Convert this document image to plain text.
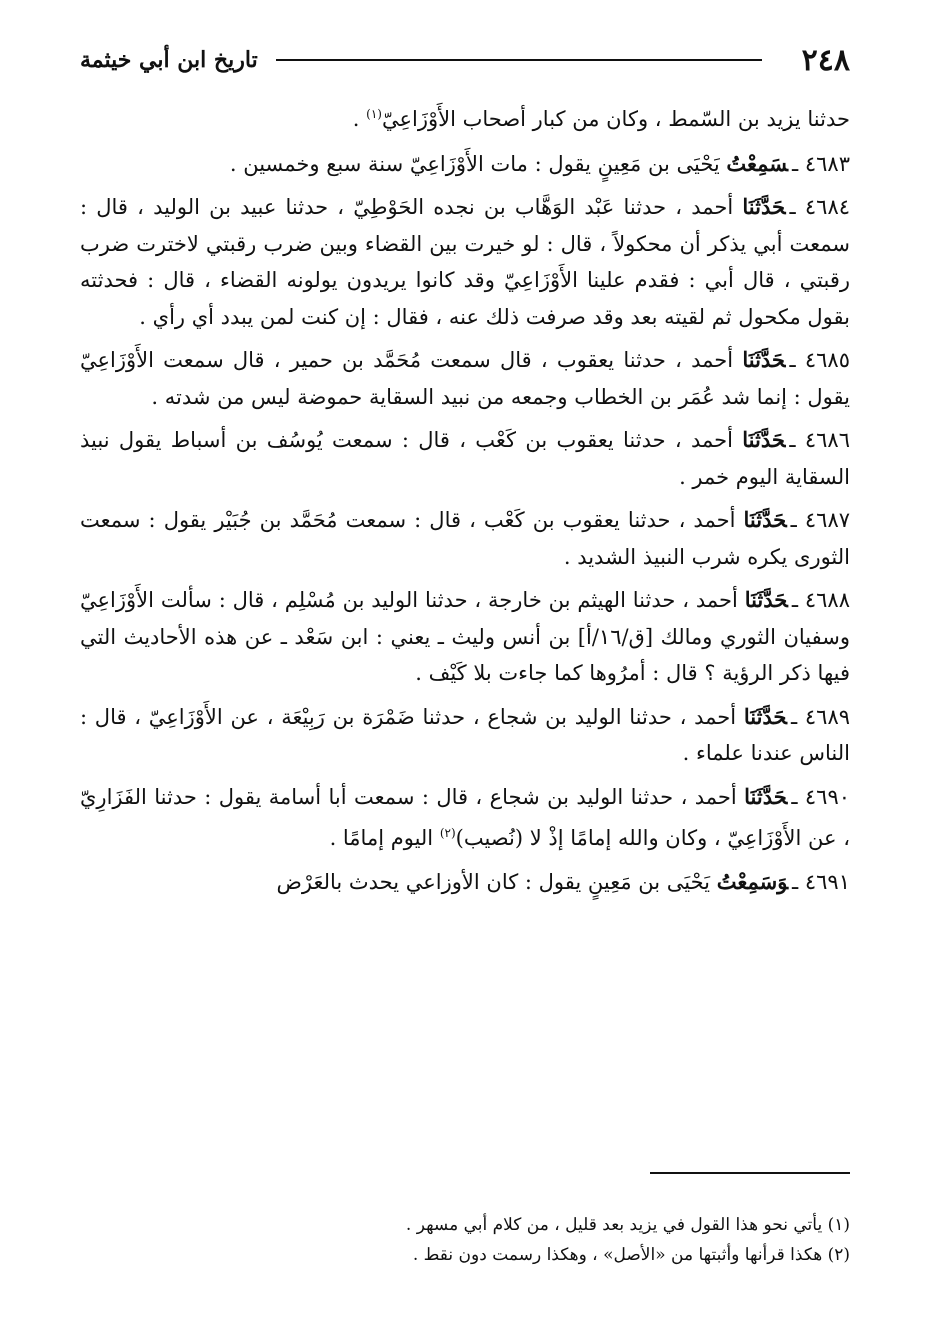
٢٤٨
تاريخ ابن أبي خيثمة

حدثنا يزيد بن السّمط ، وكان من كبار أصحاب الأَوْزَاعِيّ$^{(١)}$ .

٤٦٨٣ ـسَمِعْتُ يَحْيَى بن مَعِينٍ يقول : مات الأَوْزَاعِيّ سنة سبع وخمسين .

٤٦٨٤ ـحَدَّثَنَا أحمد ، حدثنا عَبْد الوَهَّاب بن نجده الحَوْطِيّ ، حدثنا عبيد بن الوليد ، قال : سمعت أبي يذكر أن محكولاً ، قال : لو خيرت بين القضاء وبين ضرب رقبتي لاخترت ضرب رقبتي ، قال أبي : فقدم علينا الأَوْزَاعِيّ وقد كانوا يريدون يولونه القضاء ، قال : فحدثته بقول مكحول ثم لقيته بعد وقد صرفت ذلك عنه ، فقال : إن كنت لمن يبدد أي رأي .

٤٦٨٥ ـحَدَّثَنَا أحمد ، حدثنا يعقوب ، قال سمعت مُحَمَّد بن حمير ، قال سمعت الأَوْزَاعِيّ يقول : إنما شد عُمَر بن الخطاب وجمعه من نبيد السقاية حموضة ليس من شدته .

٤٦٨٦ ـحَدَّثَنَا أحمد ، حدثنا يعقوب بن كَعْب ، قال : سمعت يُوسُف بن أسباط يقول نبيذ السقاية اليوم خمر .

٤٦٨٧ ـحَدَّثَنَا أحمد ، حدثنا يعقوب بن كَعْب ، قال : سمعت مُحَمَّد بن جُبَيْر يقول : سمعت الثورى يكره شرب النبيذ الشديد .

٤٦٨٨ ـحَدَّثَنَا أحمد ، حدثنا الهيثم بن خارجة ، حدثنا الوليد بن مُسْلِم ، قال : سألت الأَوْزَاعِيّ وسفيان الثوري ومالك [ق/١٦/أ] بن أنس وليث ـ يعني : ابن سَعْد ـ عن هذه الأحاديث التي فيها ذكر الرؤية ؟ قال : أمرُوها كما جاءت بلا كَيْف .

٤٦٨٩ ـحَدَّثَنَا أحمد ، حدثنا الوليد بن شجاع ، حدثنا ضَمْرَة بن رَبِيْعَة ، عن الأَوْزَاعِيّ ، قال : الناس عندنا علماء .

٤٦٩٠ ـحَدَّثَنَا أحمد ، حدثنا الوليد بن شجاع ، قال : سمعت أبا أسامة يقول : حدثنا الفَزَارِيّ ، عن الأَوْزَاعِيّ ، وكان والله إمامًا إذْ لا (نُصيب)$^{(٢)}$ اليوم إمامًا .

٤٦٩١ ـوَسَمِعْتُ يَحْيَى بن مَعِينٍ يقول : كان الأوزاعي يحدث بالعَرْض

(١) يأتي نحو هذا القول في يزيد بعد قليل ، من كلام أبي مسهر .

(٢) هكذا قرأنها وأثبتها من «الأصل» ، وهكذا رسمت دون نقط .
